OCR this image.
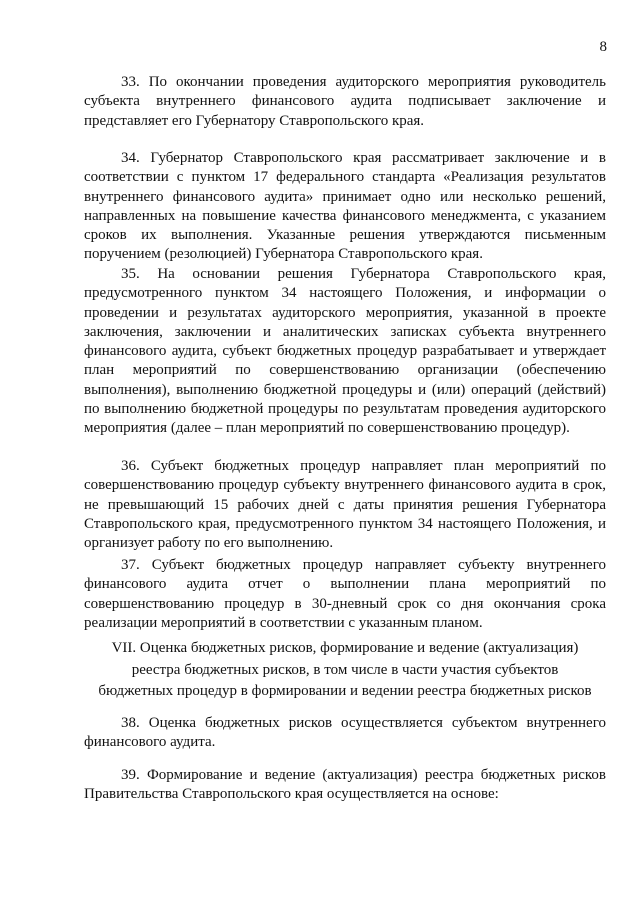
8

33. По окончании проведения аудиторского мероприятия руководитель субъекта внутреннего финансового аудита подписывает заключение и представляет его Губернатору Ставропольского края.

34. Губернатор Ставропольского края рассматривает заключение и в соответствии с пунктом 17 федерального стандарта «Реализация результатов внутреннего финансового аудита» принимает одно или несколько решений, направленных на повышение качества финансового менеджмента, с указанием сроков их выполнения. Указанные решения утверждаются письменным поручением (резолюцией) Губернатора Ставропольского края.

35. На основании решения Губернатора Ставропольского края, предусмотренного пунктом 34 настоящего Положения, и информации о проведении и результатах аудиторского мероприятия, указанной в проекте заключения, заключении и аналитических записках субъекта внутреннего финансового аудита, субъект бюджетных процедур разрабатывает и утверждает план мероприятий по совершенствованию организации (обеспечению выполнения), выполнению бюджетной процедуры и (или) операций (действий) по выполнению бюджетной процедуры по результатам проведения аудиторского мероприятия (далее – план мероприятий по совершенствованию процедур).

36. Субъект бюджетных процедур направляет план мероприятий по совершенствованию процедур субъекту внутреннего финансового аудита в срок, не превышающий 15 рабочих дней с даты принятия решения Губернатора Ставропольского края, предусмотренного пунктом 34 настоящего Положения, и организует работу по его выполнению.

37. Субъект бюджетных процедур направляет субъекту внутреннего финансового аудита отчет о выполнении плана мероприятий по совершенствованию процедур в 30-дневный срок со дня окончания срока реализации мероприятий в соответствии с указанным планом.

VII. Оценка бюджетных рисков, формирование и ведение (актуализация)
реестра бюджетных рисков, в том числе в части участия субъектов
бюджетных процедур в формировании и ведении реестра бюджетных рисков

38. Оценка бюджетных рисков осуществляется субъектом внутреннего финансового аудита.

39. Формирование и ведение (актуализация) реестра бюджетных рисков Правительства Ставропольского края осуществляется на основе:
